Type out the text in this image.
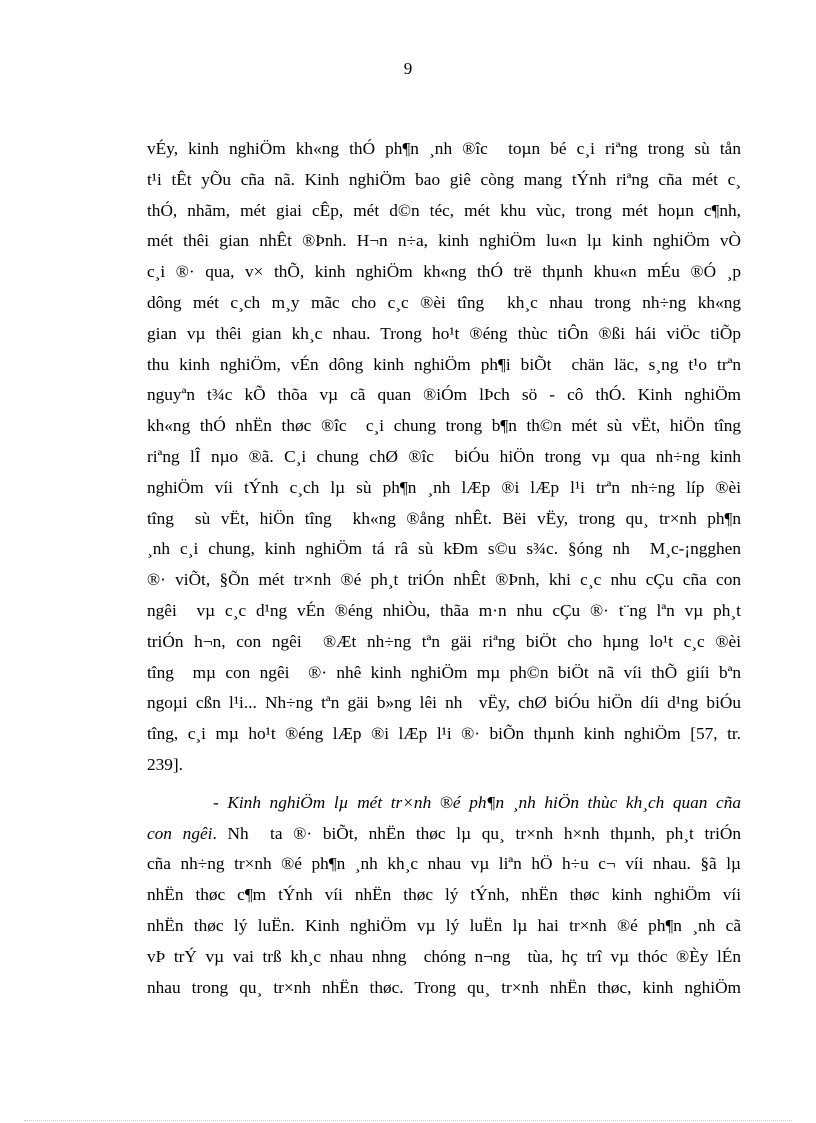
9
vÉy, kinh nghiÖm kh«ng thÓ ph¶n ¸nh ®îc  toµn bé c¸i riªng trong sù tån
t¹i tÊt yÕu cña nã. Kinh nghiÖm bao giê còng mang tÝnh riªng cña mét c¸
thÓ, nhãm, mét giai cÊp, mét d©n téc, mét khu vùc, trong mét hoµn c¶nh,
mét thêi gian nhÊt ®Þnh. H¬n n÷a, kinh nghiÖm lu«n lµ kinh nghiÖm vÒ
c¸i ®· qua, v× thÕ, kinh nghiÖm kh«ng thÓ trë thµnh khu«n mÉu ®Ó ¸p
dông mét c¸ch m¸y mãc cho c¸c ®èi tîng  kh¸c nhau trong nh÷ng kh«ng
gian vµ thêi gian kh¸c nhau. Trong ho¹t ®éng thùc tiÔn ®ßi hái viÖc tiÕp
thu kinh nghiÖm, vÉn dông kinh nghiÖm ph¶i biÕt  chän läc, s¸ng t¹o trªn
nguyªn t¾c kÕ thõa vµ cã quan ®iÓm lÞch sö - cô thÓ. Kinh nghiÖm
kh«ng thÓ nhËn thøc ®îc  c¸i chung trong b¶n th©n mét sù vËt, hiÖn tîng
riªng lÎ nµo ®ã. C¸i chung chØ ®îc  biÓu hiÖn trong vµ qua nh÷ng kinh
nghiÖm víi tÝnh c¸ch lµ sù ph¶n ¸nh lÆp ®i lÆp l¹i trªn nh÷ng líp ®èi
tîng  sù vËt, hiÖn tîng  kh«ng ®ång nhÊt. Bëi vËy, trong qu¸ tr×nh ph¶n
¸nh c¸i chung, kinh nghiÖm tá râ sù kÐm s©u s¾c. §óng nh  M¸c-¡ngghen
®· viÕt, §Õn mét tr×nh ®é ph¸t triÓn nhÊt ®Þnh, khi c¸c nhu cÇu cña con
ngêi  vµ c¸c d¹ng vÉn ®éng nhiÒu, thãa m·n nhu cÇu ®· t¨ng lªn vµ ph¸t
triÓn h¬n, con ngêi  ®Æt nh÷ng tªn gäi riªng biÖt cho hµng lo¹t c¸c ®èi
tîng  mµ con ngêi  ®· nhê kinh nghiÖm mµ ph©n biÖt nã víi thÕ giíi bªn
ngoµi cßn l¹i... Nh÷ng tªn gäi b»ng lêi nh  vËy, chØ biÓu hiÖn díi d¹ng biÓu
tîng, c¸i mµ ho¹t ®éng lÆp ®i lÆp l¹i ®· biÕn thµnh kinh nghiÖm [57, tr.
239].
- Kinh nghiÖm lµ mét tr×nh ®é ph¶n ¸nh hiÖn thùc kh¸ch quan cña
con ngêi. Nh  ta ®· biÕt, nhËn thøc lµ qu¸ tr×nh h×nh thµnh, ph¸t triÓn
cña nh÷ng tr×nh ®é ph¶n ¸nh kh¸c nhau vµ liªn hÖ h÷u c¬ víi nhau. §ã lµ
nhËn thøc c¶m tÝnh víi nhËn thøc lý tÝnh, nhËn thøc kinh nghiÖm víi
nhËn thøc lý luËn. Kinh nghiÖm vµ lý luËn lµ hai tr×nh ®é ph¶n ¸nh cã
vÞ trÝ vµ vai trß kh¸c nhau nhng  chóng n¬ng  tùa, hç trî vµ thóc ®Èy lÉn
nhau trong qu¸ tr×nh nhËn thøc. Trong qu¸ tr×nh nhËn thøc, kinh nghiÖm
